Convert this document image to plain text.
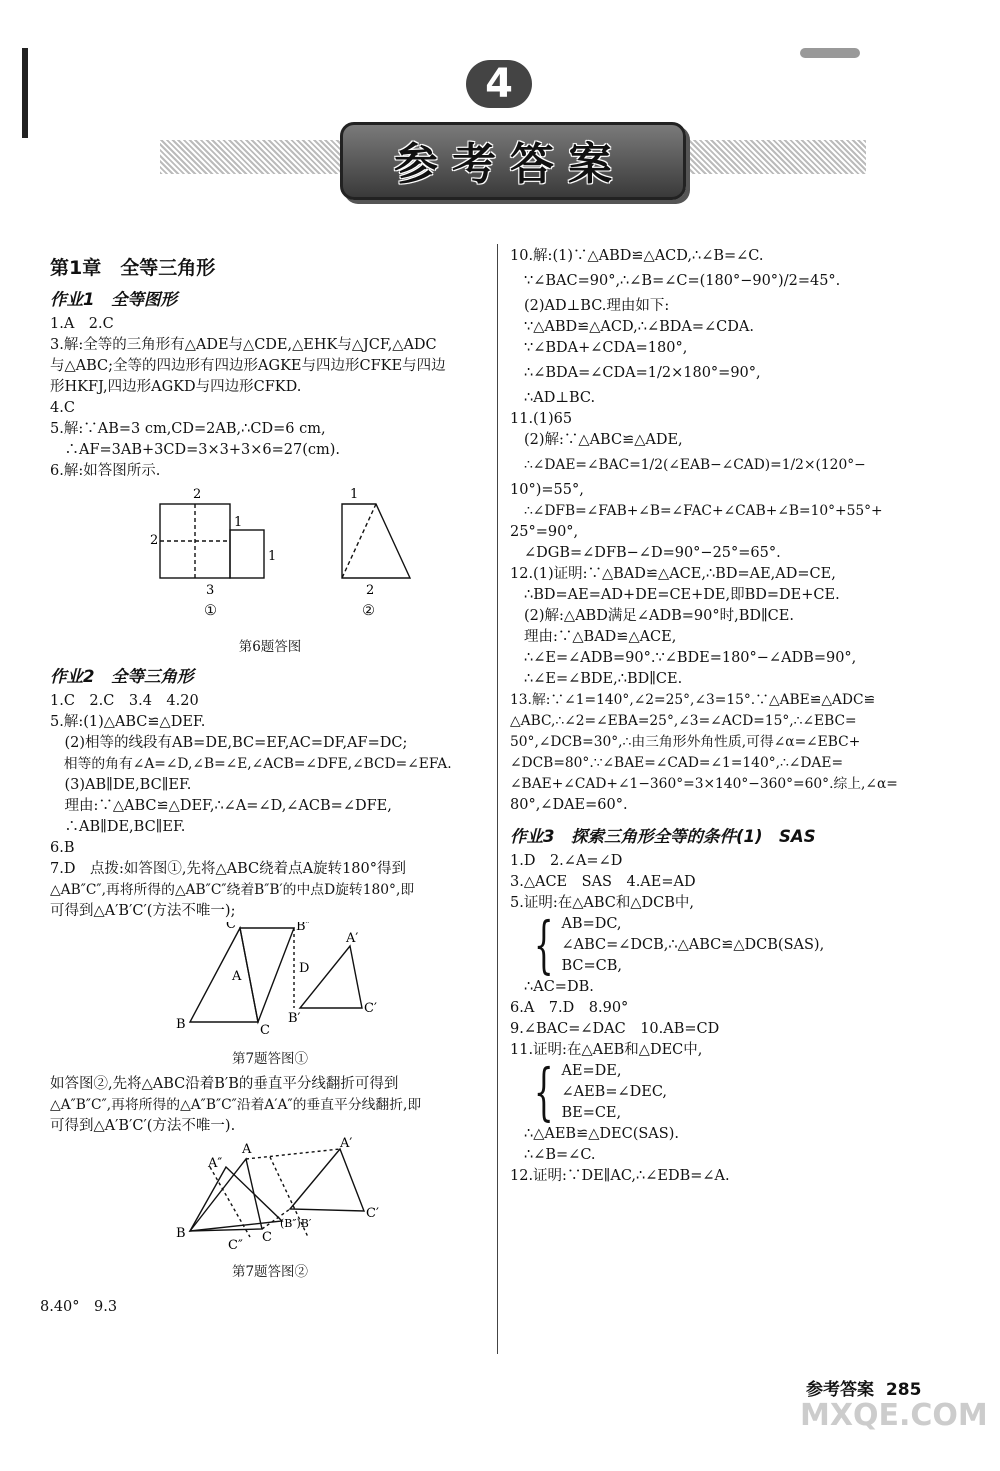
参考答案
4
第1章　全等三角形
作业1　全等图形
1.A　2.C
3.解:全等的三角形有△ADE与△CDE,△EHK与△JCF,△ADC
与△ABC;全等的四边形有四边形AGKE与四边形CFKE与四边
形HKFJ,四边形AGKD与四边形CFKD.
4.C
5.解:∵AB=3 cm,CD=2AB,∴CD=6 cm,
　∴AF=3AB+3CD=3×3+3×6=27(cm).
6.解:如答图所示.
2
1
2
1
3
1
2
①	②
第6题答图
作业2　全等三角形
1.C　2.C　3.4　4.20
5.解:(1)△ABC≌△DEF.
　(2)相等的线段有AB=DE,BC=EF,AC=DF,AF=DC;
　相等的角有∠A=∠D,∠B=∠E,∠ACB=∠DFE,∠BCD=∠EFA.
　(3)AB∥DE,BC∥EF.
　理由:∵△ABC≌△DEF,∴∠A=∠D,∠ACB=∠DFE,
　∴AB∥DE,BC∥EF.
6.B
7.D　点拨:如答图①,先将△ABC绕着点A旋转180°得到
△AB″C″,再将所得的△AB″C″绕着B″B′的中点D旋转180°,即
可得到△A′B′C′(方法不唯一);
C″	B″
A
D
A′
B	C
B′
C′
第7题答图①
如答图②,先将△ABC沿着B′B的垂直平分线翻折可得到
△A″B″C″,再将所得的△A″B″C″沿着A′A″的垂直平分线翻折,即
可得到△A′B′C′(方法不唯一).
A″
A	A′
B
C″
C
(B″)B′
C′
第7题答图②
8.40°　9.3
10.解:(1)∵△ABD≌△ACD,∴∠B=∠C.
∵∠BAC=90°,∴∠B=∠C=(180°−90°)/2=45°.
(2)AD⊥BC.理由如下:
∵△ABD≌△ACD,∴∠BDA=∠CDA.
∵∠BDA+∠CDA=180°,
∴∠BDA=∠CDA=1/2×180°=90°,
∴AD⊥BC.
11.(1)65
(2)解:∵△ABC≌△ADE,
∴∠DAE=∠BAC=1/2(∠EAB−∠CAD)=1/2×(120°−
10°)=55°,
∴∠DFB=∠FAB+∠B=∠FAC+∠CAB+∠B=10°+55°+
25°=90°,
∠DGB=∠DFB−∠D=90°−25°=65°.
12.(1)证明:∵△BAD≌△ACE,∴BD=AE,AD=CE,
∴BD=AE=AD+DE=CE+DE,即BD=DE+CE.
(2)解:△ABD满足∠ADB=90°时,BD∥CE.
理由:∵△BAD≌△ACE,
∴∠E=∠ADB=90°.∵∠BDE=180°−∠ADB=90°,
∴∠E=∠BDE,∴BD∥CE.
13.解:∵∠1=140°,∠2=25°,∠3=15°.∵△ABE≌△ADC≌
△ABC,∴∠2=∠EBA=25°,∠3=∠ACD=15°,∴∠EBC=
50°,∠DCB=30°,∴由三角形外角性质,可得∠α=∠EBC+
∠DCB=80°.∵∠BAE=∠CAD=∠1=140°,∴∠DAE=
∠BAE+∠CAD+∠1−360°=3×140°−360°=60°.综上,∠α=
80°,∠DAE=60°.
作业3　探索三角形全等的条件(1)　SAS
1.D　2.∠A=∠D
3.△ACE　SAS　4.AE=AD
5.证明:在△ABC和△DCB中,
{ AB=DC,
∠ABC=∠DCB,∴△ABC≌△DCB(SAS),
BC=CB,
∴AC=DB.
6.A　7.D　8.90°
9.∠BAC=∠DAC　10.AB=CD
11.证明:在△AEB和△DEC中,
{ AE=DE,
∠AEB=∠DEC,
BE=CE,
∴△AEB≌△DEC(SAS).
∴∠B=∠C.
12.证明:∵DE∥AC,∴∠EDB=∠A.
参考答案 285
MXQE.COM
